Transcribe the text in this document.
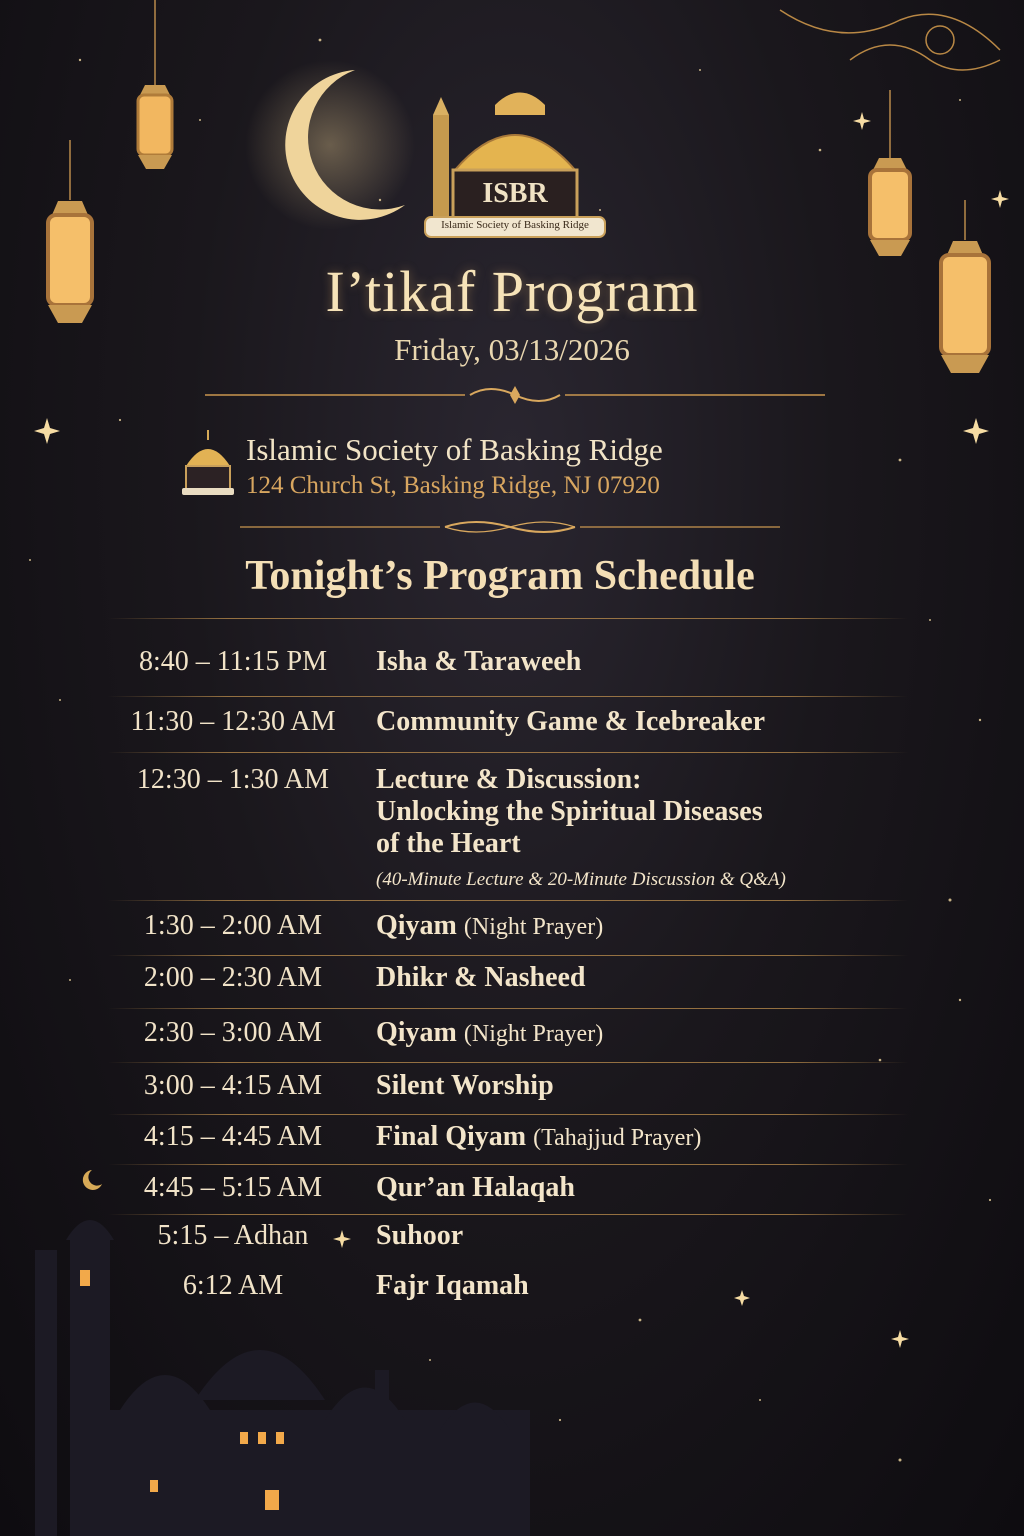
ISBR
Islamic Society of Basking Ridge
I’tikaf Program
Friday, 03/13/2026
Islamic Society of Basking Ridge
124 Church St, Basking Ridge, NJ 07920
Tonight’s Program Schedule
8:40 – 11:15 PM	Isha & Taraweeh
11:30 – 12:30 AM	Community Game & Icebreaker
12:30 – 1:30 AM	Lecture & Discussion:
Unlocking the Spiritual Diseases
of the Heart
(40-Minute Lecture & 20-Minute Discussion & Q&A)
1:30 – 2:00 AM	Qiyam (Night Prayer)
2:00 – 2:30 AM	Dhikr & Nasheed
2:30 – 3:00 AM	Qiyam (Night Prayer)
3:00 – 4:15 AM	Silent Worship
4:15 – 4:45 AM	Final Qiyam (Tahajjud Prayer)
4:45 – 5:15 AM	Qur’an Halaqah
5:15 – Adhan	Suhoor
6:12 AM	Fajr Iqamah
